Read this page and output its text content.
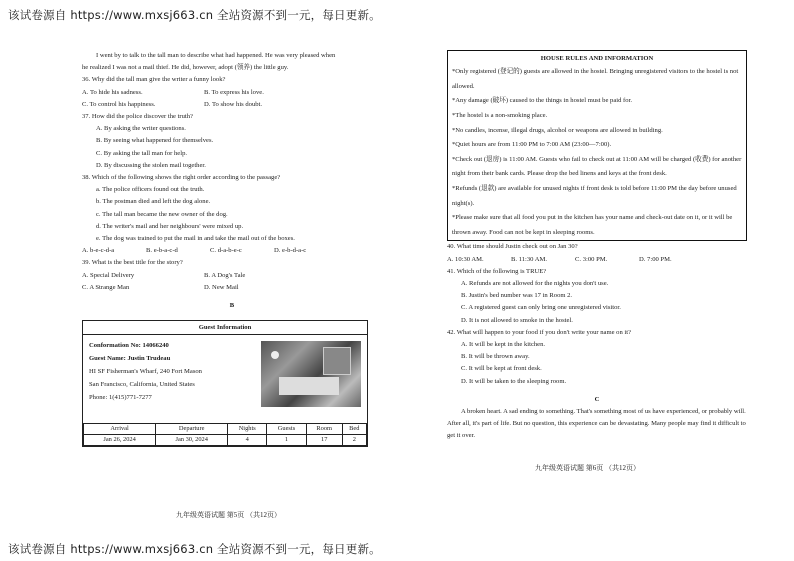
该试卷源自 https://www.mxsj663.cn 全站资源不到一元，每日更新。

I went by to talk to the tall man to describe what had happened. He was very pleased when

he realized I was not a mail thief. He did, however, adopt (领养) the little guy.

36. Why did the tall man give the writer a funny look?

A. To hide his sadness.	B. To express his love.
C. To control his happiness.	D. To show his doubt.

37. How did the police discover the truth?

A. By asking the writer questions.

B. By seeing what happened for themselves.

C. By asking the tall man for help.

D. By discussing the stolen mail together.

38. Which of the following shows the right order according to the passage?

a. The police officers found out the truth.

b. The postman died and left the dog alone.

c. The tall man became the new owner of the dog.

d. The writer's mail and her neighbours' were mixed up.

e. The dog was trained to put the mail in and take the mail out of the boxes.

A. b-e-c-d-a	B. e-b-a-c-d	C. d-a-b-e-c	D. e-b-d-a-c

39. What is the best title for the story?

A. Special Delivery	B. A Dog's Tale
C. A Strange Man	D. New Mail

B

Guest Information
Conformation No: 14066240
Guest Name: Justin Trudeau
HI SF Fisherman's Wharf, 240 Fort Mason
San Francisco, California, United States
Phone: 1(415)771-7277
Arrival	Departure	Nights	Guests	Room	Bed
Jan 26, 2024	Jan 30, 2024	4	1	17	2
九年级英语试题 第5页 （共12页）
HOUSE RULES AND INFORMATION

*Only registered (登记的) guests are allowed in the hostel. Bringing unregistered visitors to the hostel is not allowed.

*Any damage (破坏) caused to the things in hostel must be paid for.

*The hostel is a non-smoking place.

*No candles, incense, illegal drugs, alcohol or weapons are allowed in building.

*Quiet hours are from 11:00 PM to 7:00 AM (23:00—7:00).

*Check out (退房) is 11:00 AM. Guests who fail to check out at 11:00 AM will be charged (收费) for another night from their bank cards. Please drop the bed linens and keys at the front desk.

*Refunds (退款) are available for unused nights if front desk is told before 11:00 PM the day before unused night(s).

*Please make sure that all food you put in the kitchen has your name and check-out date on it, or it will be thrown away. Food can not be kept in sleeping rooms.

40. What time should Justin check out on Jan 30?

A. 10:30 AM.	B. 11:30 AM.	C. 3:00 PM.	D. 7:00 PM.

41. Which of the following is TRUE?

A. Refunds are not allowed for the nights you don't use.

B. Justin's bed number was 17 in Room 2.

C. A registered guest can only bring one unregistered visitor.

D. It is not allowed to smoke in the hostel.

42. What will happen to your food if you don't write your name on it?

A. It will be kept in the kitchen.

B. It will be thrown away.

C. It will be kept at front desk.

D. It will be taken to the sleeping room.

C

A broken heart. A sad ending to something. That's something most of us have experienced, or probably will. After all, it's part of life. But no question, this experience can be devastating. Many people may find it difficult to get it over.

九年级英语试题 第6页 （共12页）
该试卷源自 https://www.mxsj663.cn 全站资源不到一元，每日更新。
